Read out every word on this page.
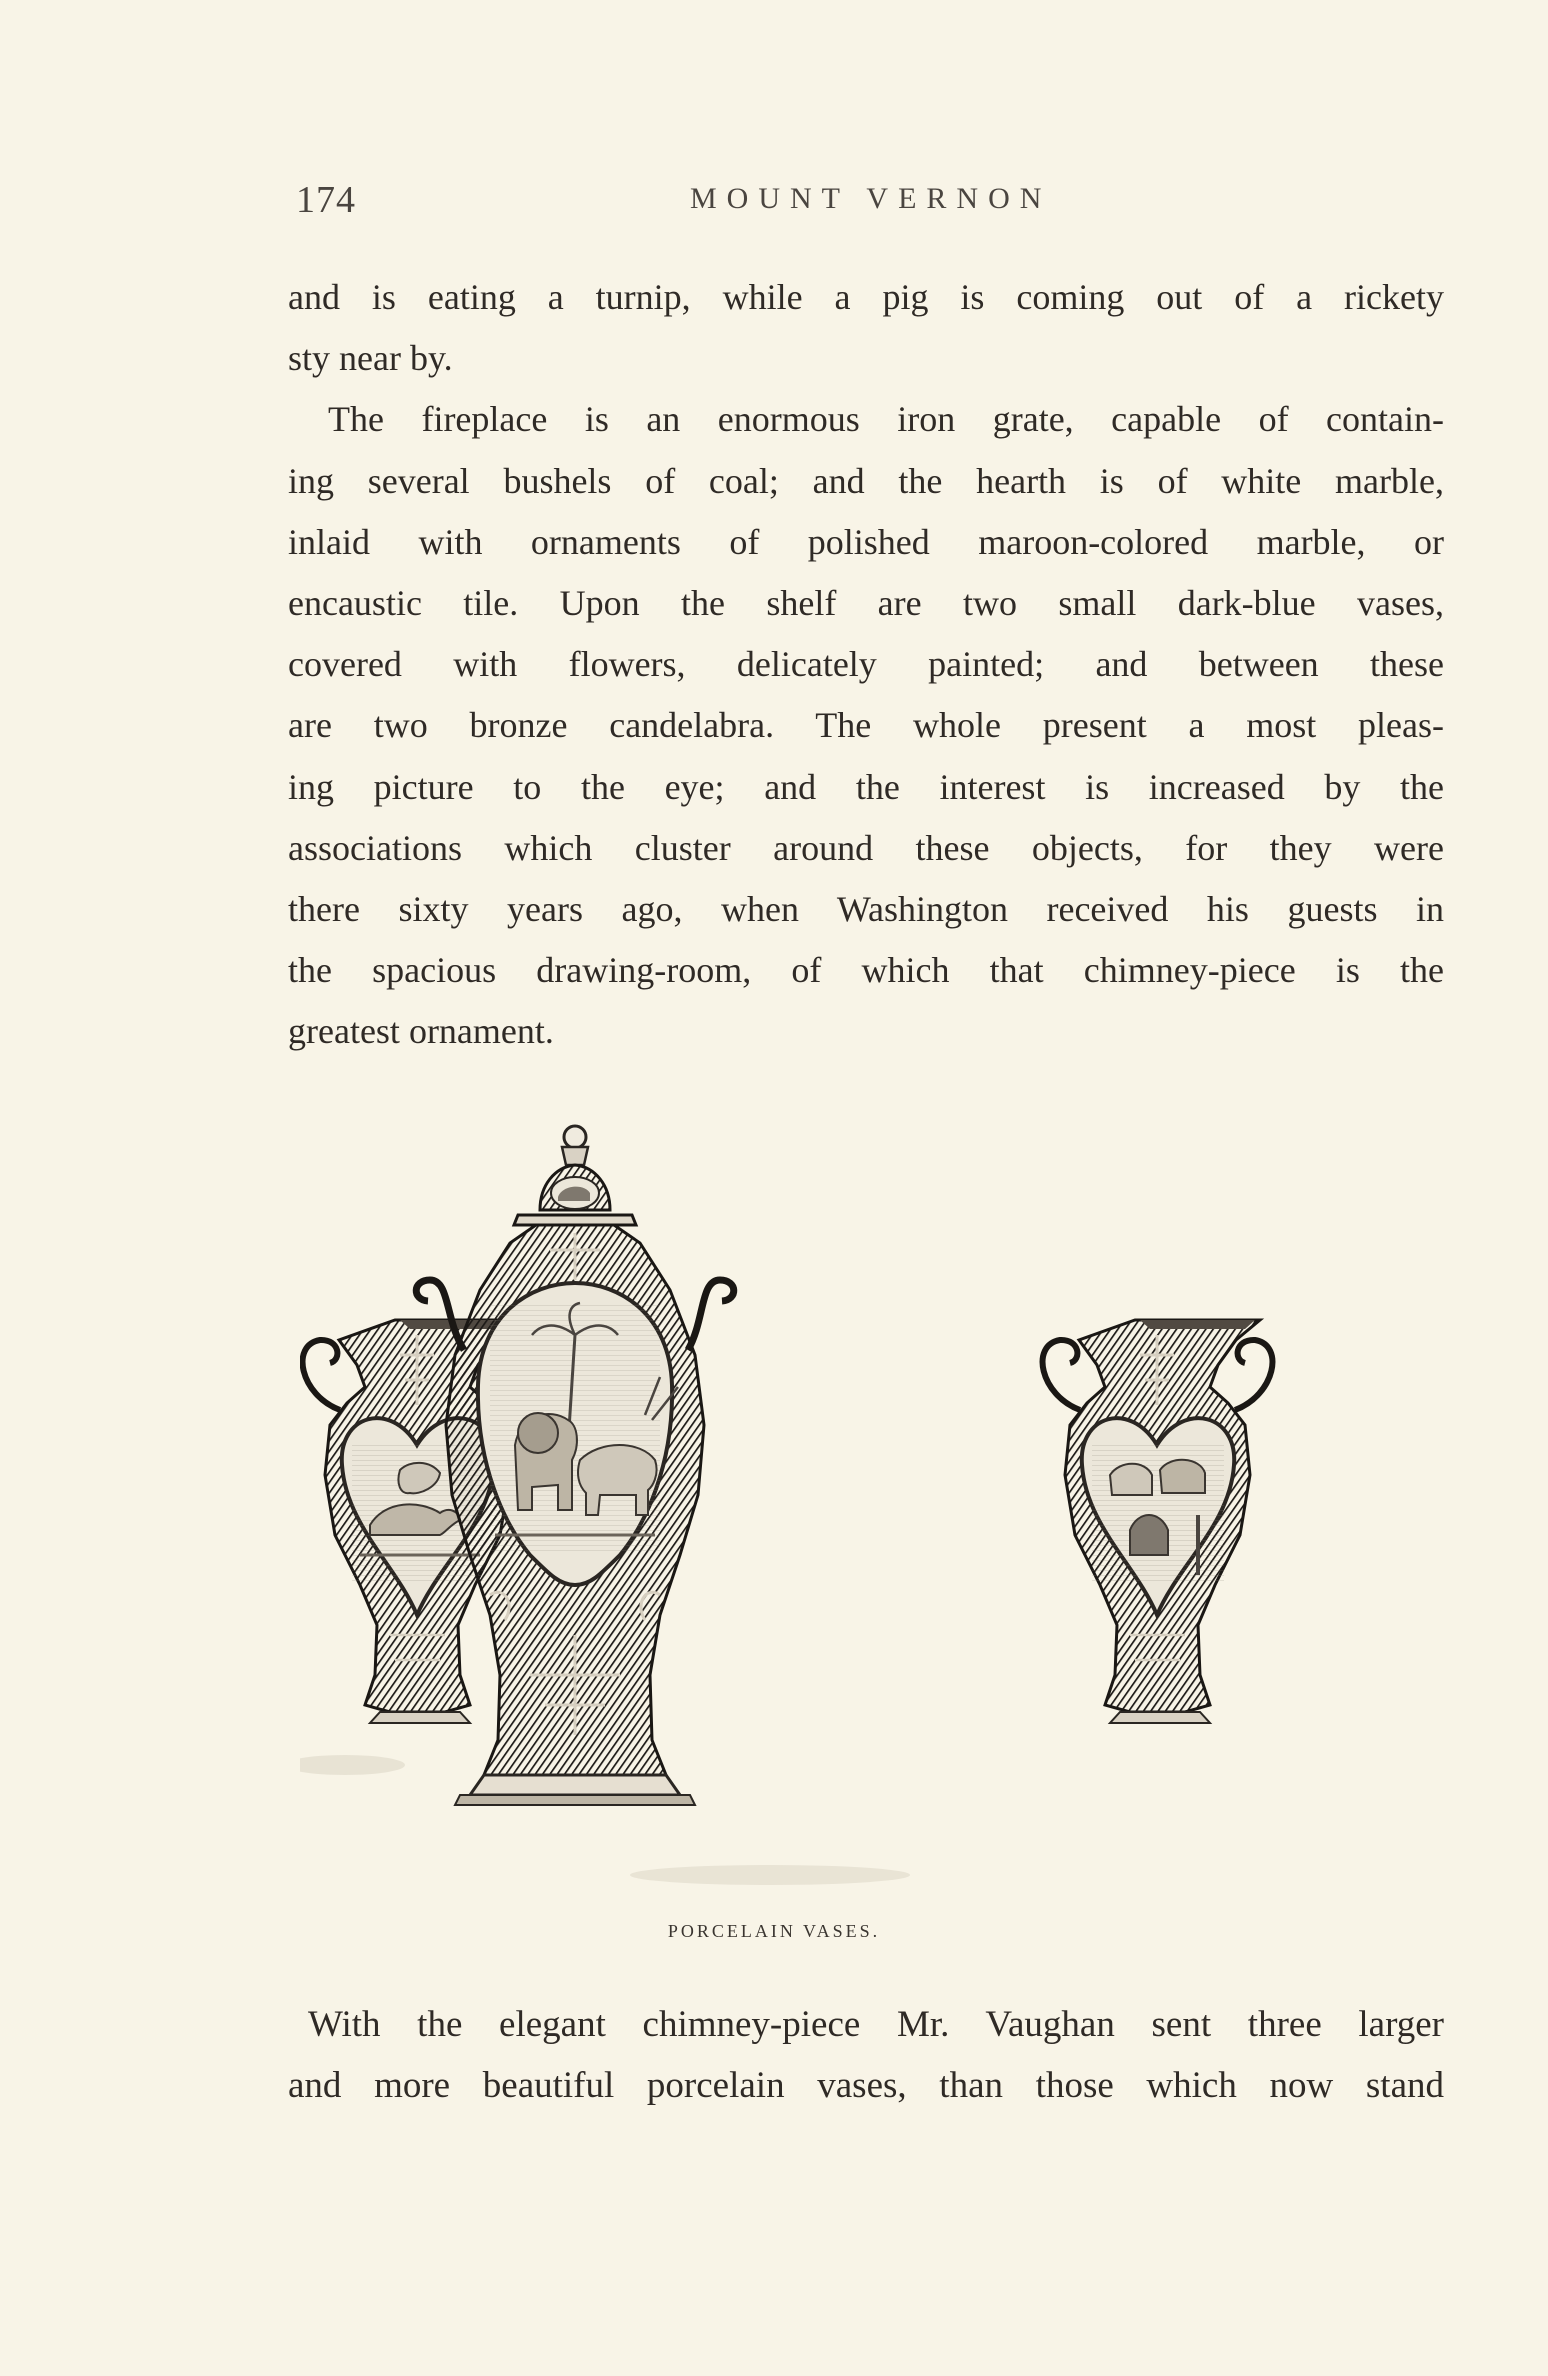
174	MOUNT VERNON
and is eating a turnip, while a pig is coming out of a rickety
sty near by.
The fireplace is an enormous iron grate, capable of contain-
ing several bushels of coal; and the hearth is of white marble,
inlaid with ornaments of polished maroon-colored marble, or
encaustic tile. Upon the shelf are two small dark-blue vases,
covered with flowers, delicately painted; and between these
are two bronze candelabra. The whole present a most pleas-
ing picture to the eye; and the interest is increased by the
associations which cluster around these objects, for they were
there sixty years ago, when Washington received his guests in
the spacious drawing-room, of which that chimney-piece is the
greatest ornament.
PORCELAIN VASES.
With the elegant chimney-piece Mr. Vaughan sent three larger
and more beautiful porcelain vases, than those which now stand
